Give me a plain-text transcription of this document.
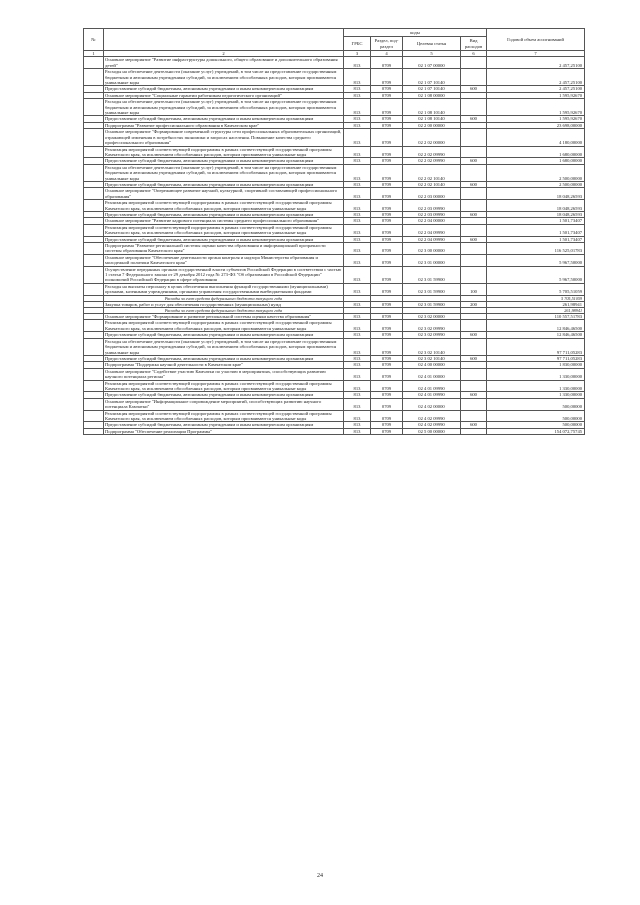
№		коды				Годовой объем ассигнований
		ГРБС	Раздел, под-раздел	Целевая статья	Вид расходов	
1	2	3	4	5	6	7
	Основное мероприятие "Развитие инфраструктуры дошкольного, общего образование и дополнительного образования детей"	813	0709	02 1 07 00000		2 457,25100
	Расходы на обеспечение деятельности (оказание услуг) учреждений, в том числе на предоставление государственным бюджетным и автономным учреждениям субсидий, за исключением обособленных расходов, которым присваиваются уникальные коды	813	0709	02 1 07 10140		2 457,25100
	Предоставление субсидий бюджетным, автономным учреждениям и иным некоммерческим организациям	813	0709	02 1 07 10140	600	2 457,25100
	Основное мероприятие "Социальные гарантии работникам педагогического организаций"	813	0709	02 1 08 00000		1 595,92670
	Расходы на обеспечение деятельности (оказание услуг) учреждений, в том числе на предоставление государственным бюджетным и автономным учреждениям субсидий, за исключением обособленных расходов, которым присваиваются уникальные коды	813	0709	02 1 08 10140		1 595,92670
	Предоставление субсидий бюджетным, автономным учреждениям и иным некоммерческим организациям	813	0709	02 1 08 10140	600	1 595,92670
	Подпрограмма "Развитие профессионального образования в Камчатском крае"	813	0709	02 2 00 00000		23 698,00000
	Основное мероприятие "Формирование современной структуры сети профессиональных образовательных организаций, отражающей изменения в потребностях экономики и запросах населения. Повышение качества среднего профессионального образования"	813	0709	02 2 02 00000		4 180,00000
	Реализация мероприятий соответствующей подпрограммы в рамках соответствующей государственной программы Камчатского края, за исключением обособленных расходов, которым присваиваются уникальные коды	813	0709	02 2 02 09990		1 680,00000
	Предоставление субсидий бюджетным, автономным учреждениям и иным некоммерческим организациям	813	0709	02 2 02 09990	600	1 680,00000
	Расходы на обеспечение деятельности (оказание услуг) учреждений, в том числе на предоставление государственным бюджетным и автономным учреждениям субсидий, за исключением обособленных расходов, которым присваиваются уникальные коды	813	0709	02 2 02 10140		2 500,00000
	Предоставление субсидий бюджетным, автономным учреждениям и иным некоммерческим организациям	813	0709	02 2 02 10140	600	2 500,00000
	Основное мероприятие "Опережающее развитие научной, культурной, спортивной составляющей профессионального образования"	813	0709	02 2 03 00000		18 048,26593
	Реализация мероприятий соответствующей подпрограммы в рамках соответствующей государственной программы Камчатского края, за исключением обособленных расходов, которым присваиваются уникальные коды	813	0709	02 2 03 09990		18 048,26593
	Предоставление субсидий бюджетным, автономным учреждениям и иным некоммерческим организациям	813	0709	02 2 03 09990	600	18 048,26593
	Основное мероприятие "Развитие кадрового потенциала системы среднего профессионального образования"	813	0709	02 2 04 00000		1 501,73407
	Реализация мероприятий соответствующей подпрограммы в рамках соответствующей государственной программы Камчатского края, за исключением обособленных расходов, которым присваиваются уникальные коды	813	0709	02 2 04 09990		1 501,73407
	Предоставление субсидий бюджетным, автономным учреждениям и иным некоммерческим организациям	813	0709	02 2 04 09990	600	1 501,73407
	Подпрограмма "Развитие региональной системы оценки качества образования и информационной прозрачности системы образования Камчатского края"	813	0709	02 3 00 00000		116 525,01783
	Основное мероприятие "Обеспечение деятельности органа контроля и надзора Министерства образования и молодежной политики Камчатского края"	813	0709	02 3 01 00000		5 967,50000
	Осуществление переданных органам государственной власти субъектов Российской Федерации в соответствии с частью 1 статьи 7 Федерального закона от 29 декабря 2012 года № 273-ФЗ "Об образовании в Российской Федерации" полномочий Российской Федерации в сфере образования	813	0709	02 3 01 59900		5 967,50000
	Расходы на выплаты персоналу в целях обеспечения выполнения функций государственными (муниципальными) органами, казенными учреждениями, органами управления государственными внебюджетными фондами	813	0709	02 3 01 59900	100	5 705,51059
	Расходы за счет средств федерального бюджета текущего года					5 705,51059
	Закупка товаров, работ и услуг для обеспечения государственных (муниципальных) нужд	813	0709	02 3 01 59900	200	261,98941
	Расходы за счет средств федерального бюджета текущего года					261,98941
	Основное мероприятие "Формирование и развитие региональной системы оценки качества образования"	813	0709	02 3 02 00000		110 557,51783
	Реализация мероприятий соответствующей подпрограммы в рамках соответствующей государственной программы Камчатского края, за исключением обособленных расходов, которым присваиваются уникальные коды	813	0709	02 3 02 09990		12 846,46500
	Предоставление субсидий бюджетным, автономным учреждениям и иным некоммерческим организациям	813	0709	02 3 02 09990	600	12 846,46500
	Расходы на обеспечение деятельности (оказание услуг) учреждений, в том числе на предоставление государственным бюджетным и автономным учреждениям субсидий, за исключением обособленных расходов, которым присваиваются уникальные коды	813	0709	02 3 02 10140		97 711,05283
	Предоставление субсидий бюджетным, автономным учреждениям и иным некоммерческим организациям	813	0709	02 3 02 10140	600	97 711,05283
	Подпрограмма "Поддержка научной деятельности в Камчатском крае"	813	0709	02 4 00 00000		1 830,00000
	Основное мероприятие "Содействие участию Камчатки по участию в мероприятиях, способствующих развитию научного потенциала региона"	813	0709	02 4 01 00000		1 330,00000
	Реализация мероприятий соответствующей подпрограммы в рамках соответствующей государственной программы Камчатского края, за исключением обособленных расходов, которым присваиваются уникальные коды	813	0709	02 4 01 09990		1 330,00000
	Предоставление субсидий бюджетным, автономным учреждениям и иным некоммерческим организациям	813	0709	02 4 01 09990	600	1 330,00000
	Основное мероприятие "Информационное сопровождение мероприятий, способствующих развитию научного потенциала Камчатки"	813	0709	02 4 02 00000		500,00000
	Реализация мероприятий соответствующей подпрограммы в рамках соответствующей государственной программы Камчатского края, за исключением обособленных расходов, которым присваиваются уникальные коды	813	0709	02 4 02 09990		500,00000
	Предоставление субсидий бюджетным, автономным учреждениям и иным некоммерческим организациям	813	0709	02 4 02 09990	600	500,00000
	Подпрограмма "Обеспечение реализации Программы"	813	0709	02 5 00 00000		154 072,75745
24
